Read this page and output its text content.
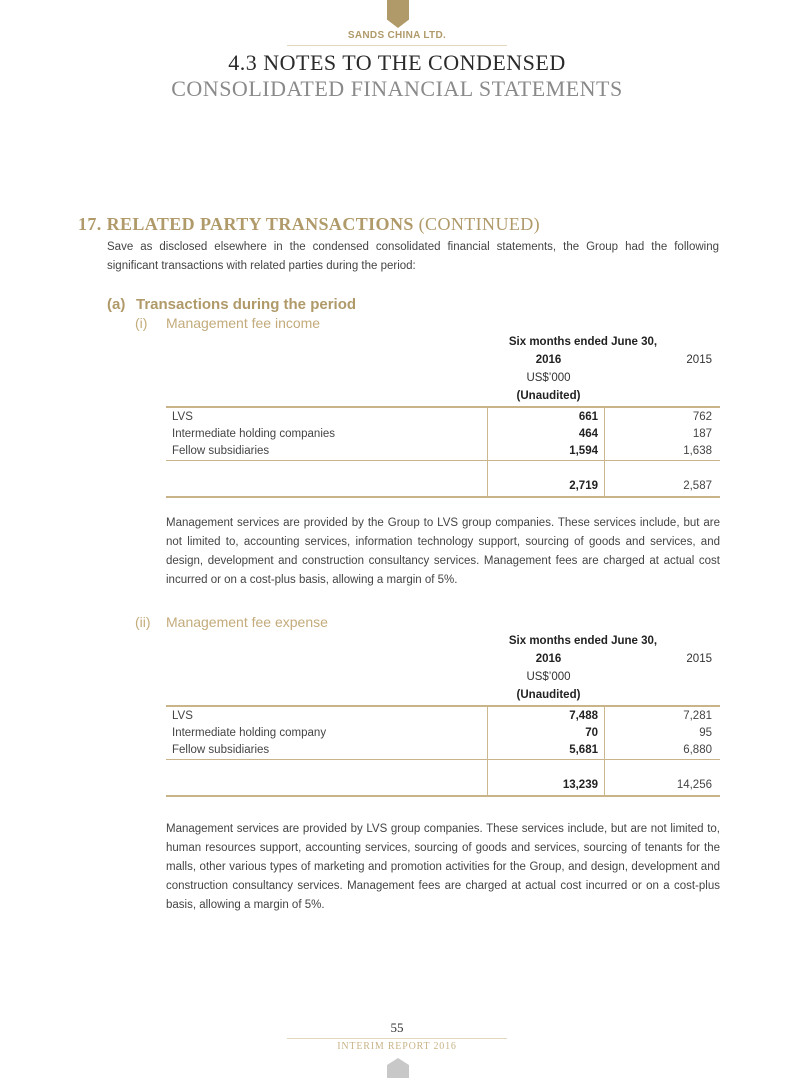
SANDS CHINA LTD.
4.3 NOTES TO THE CONDENSED
CONSOLIDATED FINANCIAL STATEMENTS
17. RELATED PARTY TRANSACTIONS (CONTINUED)
Save as disclosed elsewhere in the condensed consolidated financial statements, the Group had the following significant transactions with related parties during the period:
(a) Transactions during the period
(i) Management fee income
Six months ended June 30,
2016	2015
US$’000
(Unaudited)
LVS	661	762
Intermediate holding companies	464	187
Fellow subsidiaries	1,594	1,638
	2,719	2,587
Management services are provided by the Group to LVS group companies. These services include, but are not limited to, accounting services, information technology support, sourcing of goods and services, and design, development and construction consultancy services. Management fees are charged at actual cost incurred or on a cost-plus basis, allowing a margin of 5%.
(ii) Management fee expense
Six months ended June 30,
2016	2015
US$’000
(Unaudited)
LVS	7,488	7,281
Intermediate holding company	70	95
Fellow subsidiaries	5,681	6,880
	13,239	14,256
Management services are provided by LVS group companies. These services include, but are not limited to, human resources support, accounting services, sourcing of goods and services, sourcing of tenants for the malls, other various types of marketing and promotion activities for the Group, and design, development and construction consultancy services. Management fees are charged at actual cost incurred or on a cost-plus basis, allowing a margin of 5%.
55
INTERIM REPORT 2016
